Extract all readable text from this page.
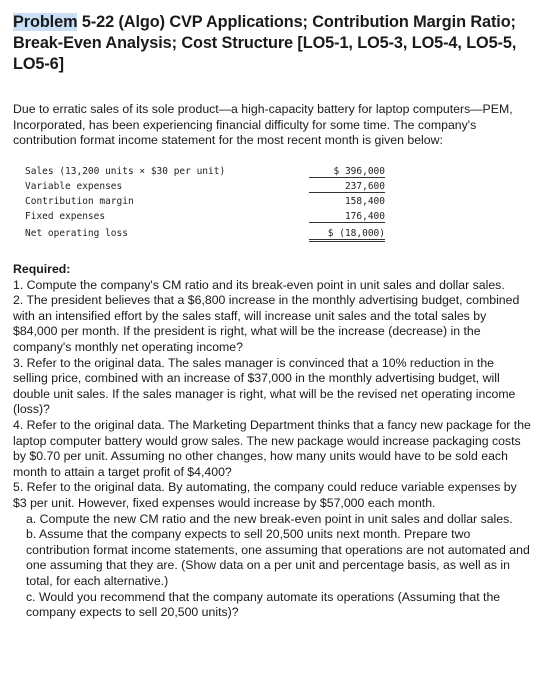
Problem 5-22 (Algo) CVP Applications; Contribution Margin Ratio; Break-Even Analysis; Cost Structure [LO5-1, LO5-3, LO5-4, LO5-5, LO5-6]
Due to erratic sales of its sole product—a high-capacity battery for laptop computers—PEM, Incorporated, has been experiencing financial difficulty for some time. The company's contribution format income statement for the most recent month is given below:
Sales (13,200 units × $30 per unit)	$ 396,000
Variable expenses	237,600
Contribution margin	158,400
Fixed expenses	176,400
Net operating loss	$ (18,000)

Required:

1. Compute the company's CM ratio and its break-even point in unit sales and dollar sales.

2. The president believes that a $6,800 increase in the monthly advertising budget, combined with an intensified effort by the sales staff, will increase unit sales and the total sales by $84,000 per month. If the president is right, what will be the increase (decrease) in the company's monthly net operating income?

3. Refer to the original data. The sales manager is convinced that a 10% reduction in the selling price, combined with an increase of $37,000 in the monthly advertising budget, will double unit sales. If the sales manager is right, what will be the revised net operating income (loss)?

4. Refer to the original data. The Marketing Department thinks that a fancy new package for the laptop computer battery would grow sales. The new package would increase packaging costs by $0.70 per unit. Assuming no other changes, how many units would have to be sold each month to attain a target profit of $4,400?

5. Refer to the original data. By automating, the company could reduce variable expenses by $3 per unit. However, fixed expenses would increase by $57,000 each month.

a. Compute the new CM ratio and the new break-even point in unit sales and dollar sales.

b. Assume that the company expects to sell 20,500 units next month. Prepare two contribution format income statements, one assuming that operations are not automated and one assuming that they are. (Show data on a per unit and percentage basis, as well as in total, for each alternative.)

c. Would you recommend that the company automate its operations (Assuming that the company expects to sell 20,500 units)?
